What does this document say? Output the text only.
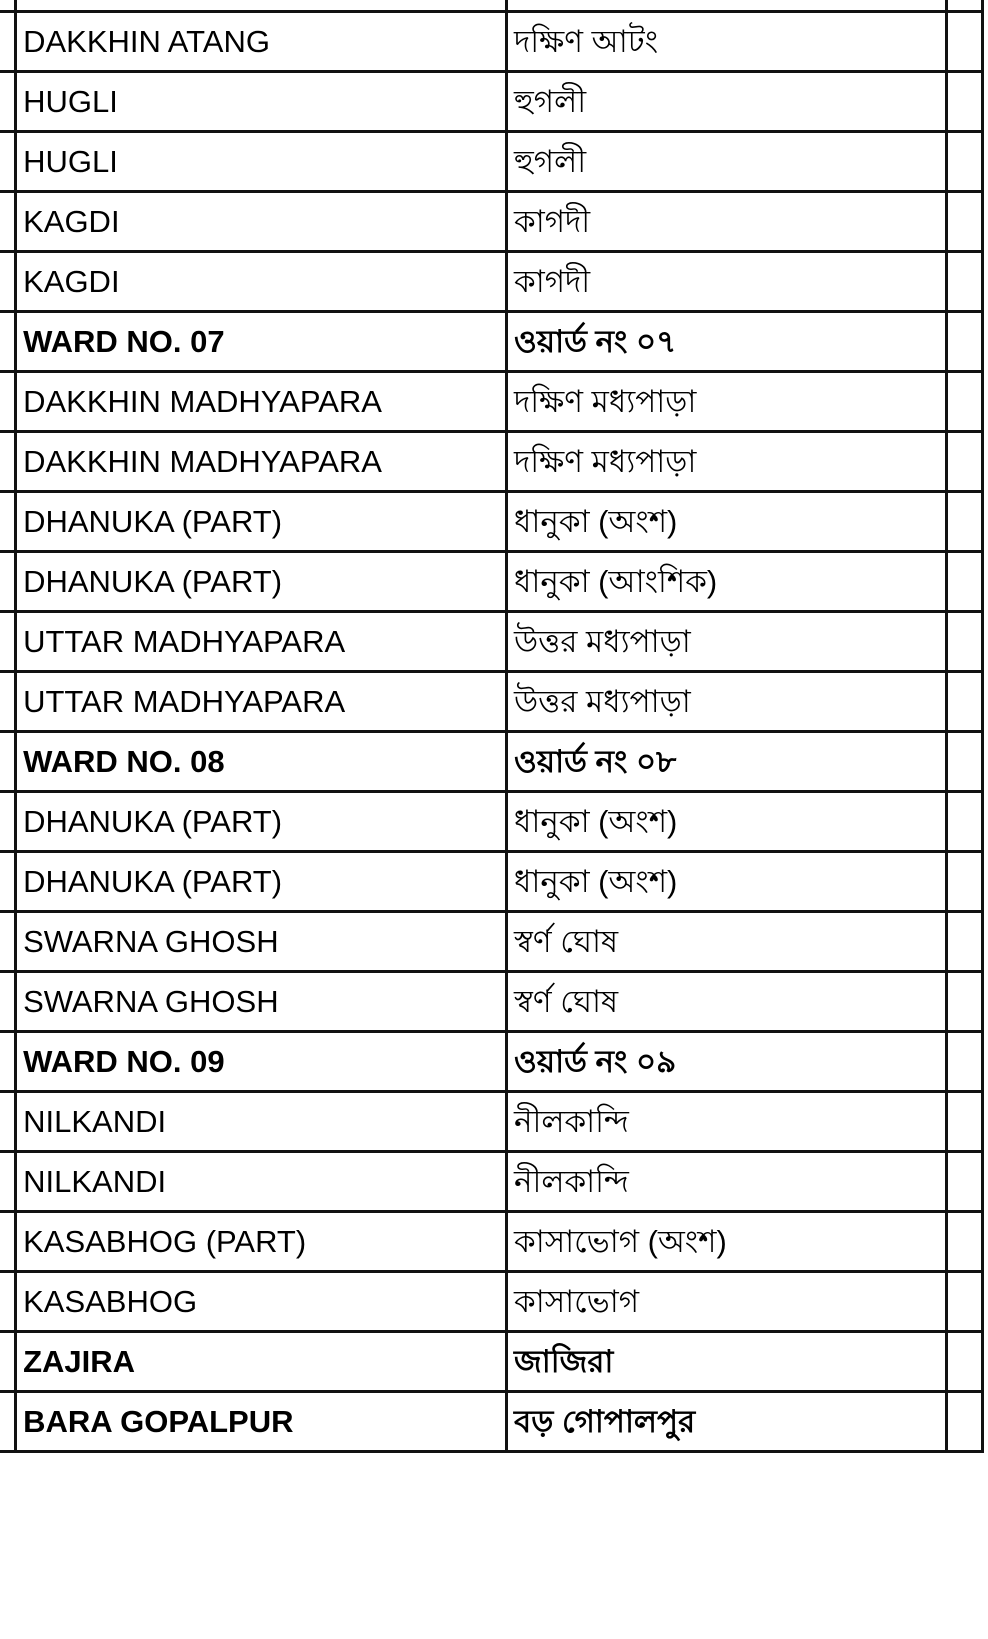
	DAKKHIN ATANG	দক্ষিণ আটং	
	HUGLI	হুগলী	
	HUGLI	হুগলী	
	KAGDI	কাগদী	
	KAGDI	কাগদী	
	WARD NO. 07	ওয়ার্ড নং ০৭	
	DAKKHIN MADHYAPARA	দক্ষিণ মধ্যপাড়া	
	DAKKHIN MADHYAPARA	দক্ষিণ মধ্যপাড়া	
	DHANUKA (PART)	ধানুকা (অংশ)	
	DHANUKA (PART)	ধানুকা (আংশিক)	
	UTTAR MADHYAPARA	উত্তর মধ্যপাড়া	
	UTTAR MADHYAPARA	উত্তর মধ্যপাড়া	
	WARD NO. 08	ওয়ার্ড নং ০৮	
	DHANUKA (PART)	ধানুকা (অংশ)	
	DHANUKA (PART)	ধানুকা (অংশ)	
	SWARNA GHOSH	স্বর্ণ ঘোষ	
	SWARNA GHOSH	স্বর্ণ ঘোষ	
	WARD NO. 09	ওয়ার্ড নং ০৯	
	NILKANDI	নীলকান্দি	
	NILKANDI	নীলকান্দি	
	KASABHOG (PART)	কাসাভোগ (অংশ)	
	KASABHOG	কাসাভোগ	
	ZAJIRA	জাজিরা	
	BARA GOPALPUR	বড় গোপালপুর	
